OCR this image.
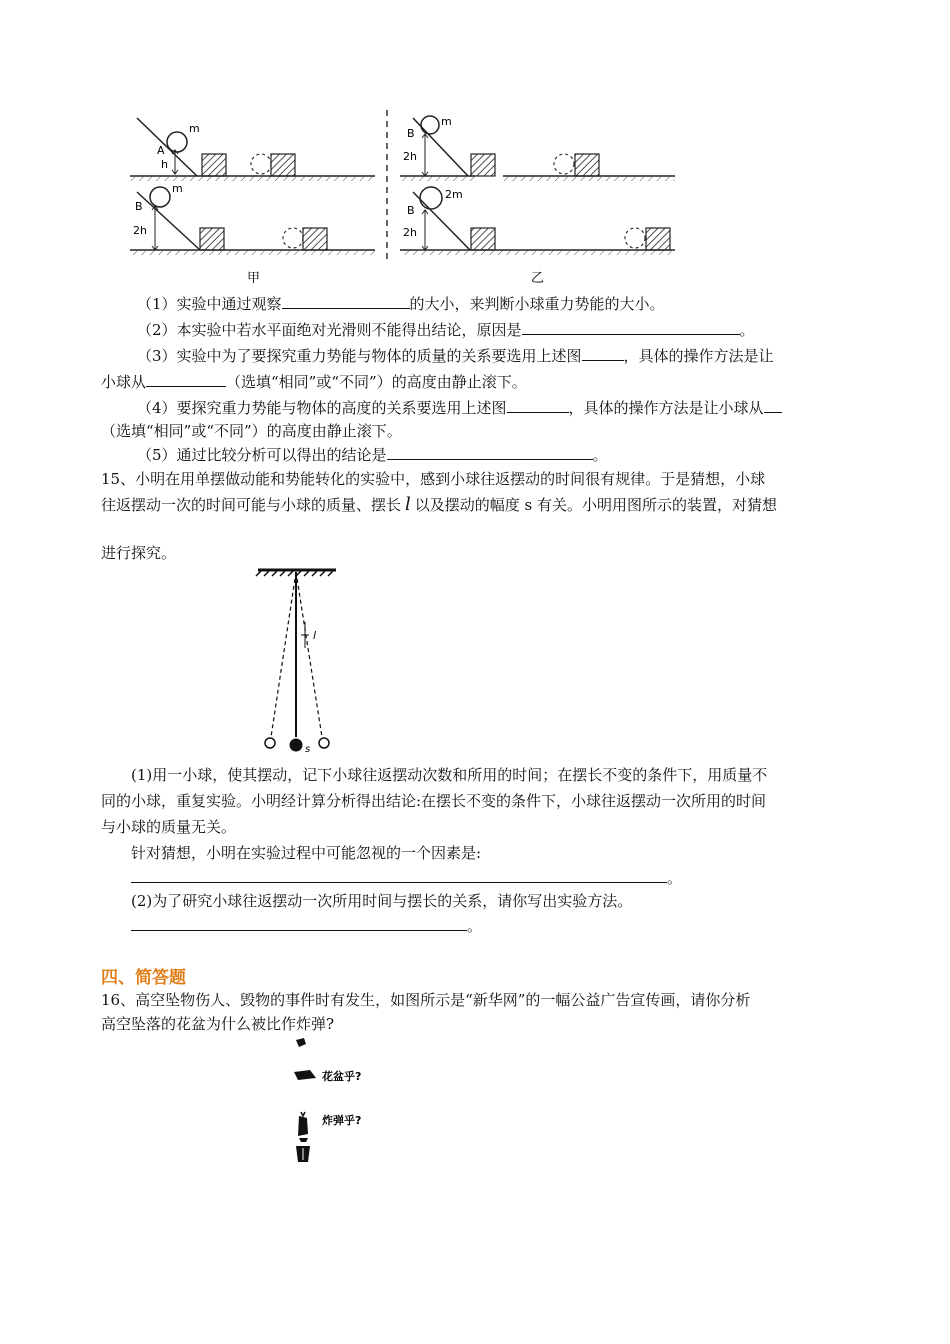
m
A
h
m
B
2h
m
B
2h
2m
B
2h
甲	乙
（1）实验中通过观察	的大小，来判断小球重力势能的大小。
（2）本实验中若水平面绝对光滑则不能得出结论，原因是	。
（3）实验中为了要探究重力势能与物体的质量的关系要选用上述图	，具体的操作方法是让
小球从	（选填“相同”或“不同”）的高度由静止滚下。
（4）要探究重力势能与物体的高度的关系要选用上述图	，具体的操作方法是让小球从
（选填“相同”或“不同”）的高度由静止滚下。
（5）通过比较分析可以得出的结论是	。
15、小明在用单摆做动能和势能转化的实验中，感到小球往返摆动的时间很有规律。于是猜想，小球
往返摆动一次的时间可能与小球的质量、摆长 l 以及摆动的幅度 s 有关。小明用图所示的装置，对猜想
进行探究。
l
s
(1)用一小球，使其摆动，记下小球往返摆动次数和所用的时间；在摆长不变的条件下，用质量不
同的小球，重复实验。小明经计算分析得出结论:在摆长不变的条件下，小球往返摆动一次所用的时间
与小球的质量无关。
针对猜想，小明在实验过程中可能忽视的一个因素是:
。
(2)为了研究小球往返摆动一次所用时间与摆长的关系，请你写出实验方法。
。
四、简答题
16、高空坠物伤人、毁物的事件时有发生，如图所示是“新华网”的一幅公益广告宣传画，请你分析
高空坠落的花盆为什么被比作炸弹?
花盆乎?
炸弹乎?
